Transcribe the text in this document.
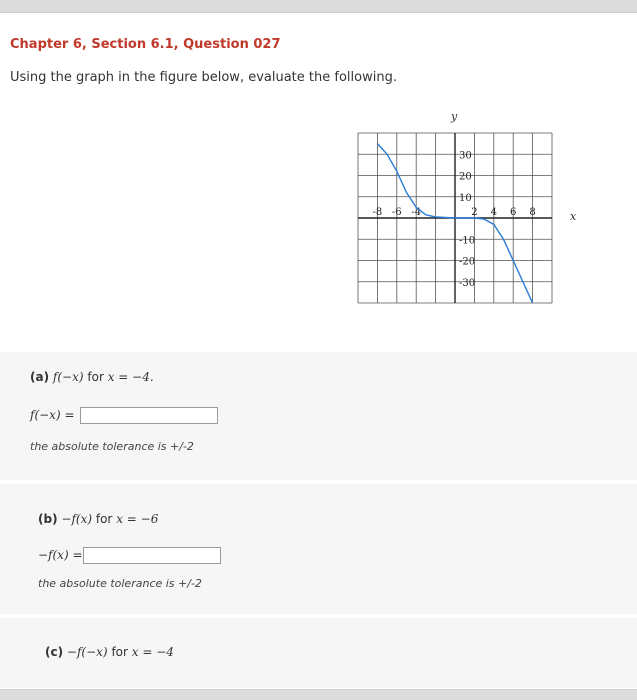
Chapter 6, Section 6.1, Question 027

Using the graph in the figure below, evaluate the following.

-8 -6 -4	2 4 6 8
30
20
10
-10
-20
-30
y
x
(a) f(−x) for x = −4.
f(−x) =
the absolute tolerance is +/-2
(b) −f(x) for x = −6
−f(x) =
the absolute tolerance is +/-2
(c) −f(−x) for x = −4
